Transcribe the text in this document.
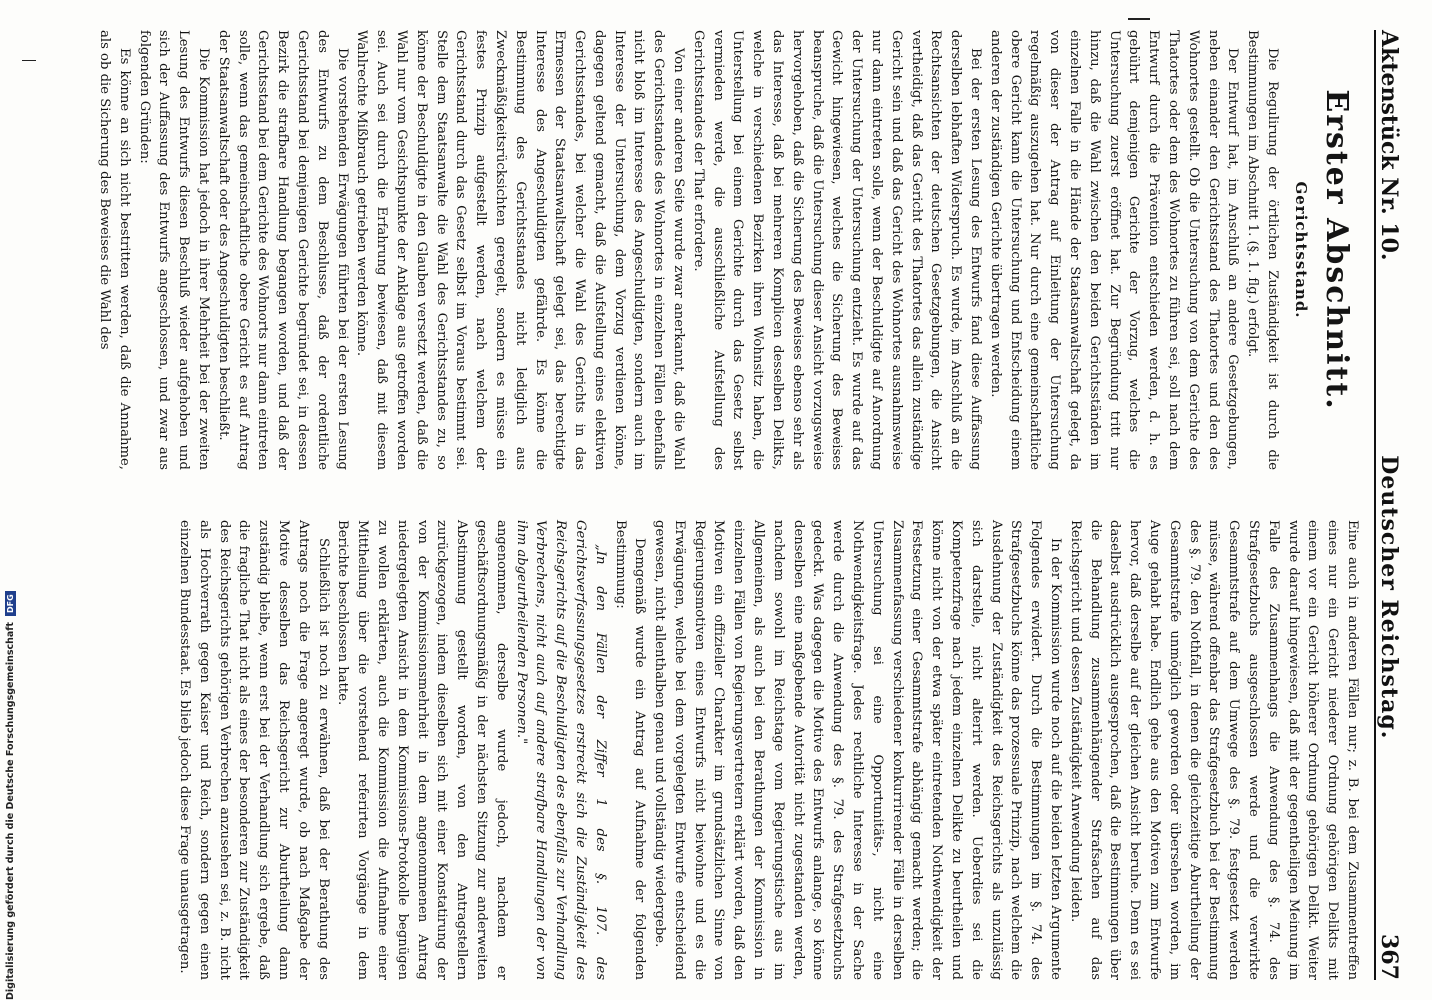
Aktenstück Nr. 10.
Deutscher Reichstag.
367
Erster Abschnitt.
Gerichtsstand.

Die Regulirung der örtlichen Zuständigkeit ist durch die Bestimmungen im Abschnitt 1. (§. 1. flg.) erfolgt.

Der Entwurf hat, im Anschluß an andere Gesetzgebungen, neben einander den Gerichtsstand des Thatortes und den des Wohnortes gestellt. Ob die Untersuchung von dem Gerichte des Thatortes oder dem des Wohnortes zu führen sei, soll nach dem Entwurf durch die Prävention entschieden werden, d. h. es gebührt demjenigen Gerichte der Vorzug, welches die Untersuchung zuerst eröffnet hat. Zur Begründung tritt nur hinzu, daß die Wahl zwischen den beiden Gerichtsständen im einzelnen Falle in die Hände der Staatsanwaltschaft gelegt, da von dieser der Antrag auf Einleitung der Untersuchung regelmäßig auszugehen hat. Nur durch eine gemeinschaftliche obere Gericht kann die Untersuchung und Entscheidung einem anderen der zuständigen Gerichte übertragen werden.

Bei der ersten Lesung des Entwurfs fand diese Auffassung derselben lebhaften Widerspruch. Es wurde, im Anschluß an die Rechtsansichten der deutschen Gesetzgebungen, die Ansicht vertheidigt, daß das Gericht des Thatortes das allein zuständige Gericht sein und daß das Gericht des Wohnortes ausnahmsweise nur dann eintreten solle, wenn der Beschuldigte auf Anordnung der Untersuchung der Untersuchung entzieht. Es wurde auf das Gewicht hingewiesen, welches die Sicherung des Beweises beanspruche, daß die Untersuchung dieser Ansicht vorzugsweise hervorgehoben, daß die Sicherung des Beweises ebenso sehr als das Interesse, daß bei mehreren Komplicen desselben Delikts, welche in verschiedenen Bezirken ihren Wohnsitz haben, die Unterstellung bei einem Gerichte durch das Gesetz selbst vermieden werde, die ausschließliche Aufstellung des Gerichtsstandes der That erfordere.

Von einer anderen Seite wurde zwar anerkannt, daß die Wahl des Gerichtsstandes des Wohnortes in einzelnen Fällen ebenfalls nicht bloß im Interesse des Angeschuldigten, sondern auch im Interesse der Untersuchung, dem Vorzug verdienen könne, dagegen geltend gemacht, daß die Aufstellung eines elektiven Gerichtsstandes, bei welcher die Wahl des Gerichts in das Ermessen der Staatsanwaltschaft gelegt sei, das berechtigte Interesse des Angeschuldigten gefährde. Es könne die Bestimmung des Gerichtsstandes nicht lediglich aus Zweckmäßigkeitsrücksichten geregelt, sondern es müsse ein festes Prinzip aufgestellt werden, nach welchem der Gerichtsstand durch das Gesetz selbst im Voraus bestimmt sei. Stelle dem Staatsanwalte die Wahl des Gerichtsstandes zu, so könne der Beschuldigte in den Glauben versetzt werden, daß die Wahl nur vom Gesichtspunkte der Anklage aus getroffen worden sei. Auch sei durch die Erfahrung bewiesen, daß mit diesem Wahlrechte Mißbrauch getrieben werden könne.

Die vorstehenden Erwägungen führten bei der ersten Lesung des Entwurfs zu dem Beschlusse, daß der ordentliche Gerichtsstand bei demjenigen Gerichte begründet sei, in dessen Bezirk die strafbare Handlung begangen worden, und daß der Gerichtsstand bei dem Gerichte des Wohnorts nur dann eintreten solle, wenn das gemeinschaftliche obere Gericht es auf Antrag der Staatsanwaltschaft oder des Angeschuldigten beschließt.

Die Kommission hat jedoch in ihrer Mehrheit bei der zweiten Lesung des Entwurfs diesen Beschluß wieder aufgehoben und sich der Auffassung des Entwurfs angeschlossen, und zwar aus folgenden Gründen:

Es könne an sich nicht bestritten werden, daß die Annahme, als ob die Sicherung des Beweises die Wahl des

Eine auch in anderen Fällen nur; z. B. bei dem Zusammentreffen eines nur ein Gericht niederer Ordnung gehörigen Delikts mit einem vor ein Gericht höherer Ordnung gehörigen Delikt. Weiter wurde darauf hingewiesen, daß mit der gegentheiligen Meinung im Falle des Zusammenhangs die Anwendung des §. 74. des Strafgesetzbuchs ausgeschlossen werde und die verwirkte Gesammtstrafe auf dem Umwege des §. 79. festgesetzt werden müsse, während offenbar das Strafgesetzbuch bei der Bestimmung des §. 79. den Nothfall, in denen die gleichzeitige Aburtheilung der Gesammtstrafe unmöglich geworden oder übersehen worden, im Auge gehabt habe. Endlich gehe aus den Motiven zum Entwurfe hervor, daß derselbe auf der gleichen Ansicht beruhe. Denn es sei daselbst ausdrücklich ausgesprochen, daß die Bestimmungen über die Behandlung zusammenhängender Strafsachen auf das Reichsgericht und dessen Zuständigkeit Anwendung leiden.

In der Kommission wurde noch auf die beiden letzten Argumente Folgendes erwidert. Durch die Bestimmungen im §. 74. des Strafgesetzbuchs könne das prozessuale Prinzip, nach welchem die Ausdehnung der Zuständigkeit des Reichsgerichts als unzulässig sich darstelle, nicht alterirt werden. Ueberdies sei die Kompetenzfrage nach jedem einzelnen Delikte zu beurtheilen und könne nicht von der etwa später eintretenden Nothwendigkeit der Festsetzung einer Gesammtstrafe abhängig gemacht werden; die Zusammenfassung verschiedener konkurrirender Fälle in derselben Untersuchung sei eine Opportunitäts-, nicht eine Nothwendigkeitsfrage. Jedes rechtliche Interesse in der Sache werde durch die Anwendung des §. 79. des Strafgesetzbuchs gedeckt. Was dagegen die Motive des Entwurfs anlange, so könne denselben eine maßgebende Autorität nicht zugestanden werden, nachdem sowohl im Reichstage vom Regierungstische aus im Allgemeinen, als auch bei den Berathungen der Kommission in einzelnen Fällen von Regierungsvertretern erklärt worden, daß den Motiven ein offizieller Charakter im grundsätzlichen Sinne von Regierungsmotiven eines Entwurfs nicht beiwohne und es die Erwägungen, welche bei dem vorgelegten Entwurfe entscheidend gewesen, nicht allenthalben genau und vollständig wiedergebe.

Demgemäß wurde ein Antrag auf Aufnahme der folgenden Bestimmung:

„In den Fällen der Ziffer 1 des §. 107. des Gerichtsverfassungsgesetzes erstreckt sich die Zuständigkeit des Reichsgerichts auf die Beschuldigten des ebenfalls zur Verhandlung Verbrechens, nicht auch auf andere strafbare Handlungen der von ihm abgeurtheilenden Personen."

angenommen, derselbe wurde jedoch, nachdem er geschäftsordnungsmäßig in der nächsten Sitzung zur anderweiten Abstimmung gestellt worden, von den Antragstellern zurückgezogen, indem dieselben sich mit einer Konstatirung der von der Kommissionsmehrheit in dem angenommenen Antrag niedergelegten Ansicht in dem Kommissions-Protokolle begnügen zu wollen erklärten, auch die Kommission die Aufnahme einer Mittheilung über die vorstehend referirten Vorgänge in dem Berichte beschlossen hatte.

Schließlich ist noch zu erwähnen, daß bei der Berathung des Antrags noch die Frage angeregt wurde, ob nach Maßgabe der Motive desselben das Reichsgericht zur Aburtheilung dann zuständig bleibe, wenn erst bei der Verhandlung sich ergebe, daß die fragliche That nicht als eines der besonderen zur Zuständigkeit des Reichsgerichts gehörigen Verbrechen anzusehen sei, z. B. nicht als Hochverrath gegen Kaiser und Reich, sondern gegen einen einzelnen Bundesstaat. Es blieb jedoch diese Frage unausgetragen.

Digitalisierung gefördert durch die Deutsche Forschungsgemeinschaft
DFG
